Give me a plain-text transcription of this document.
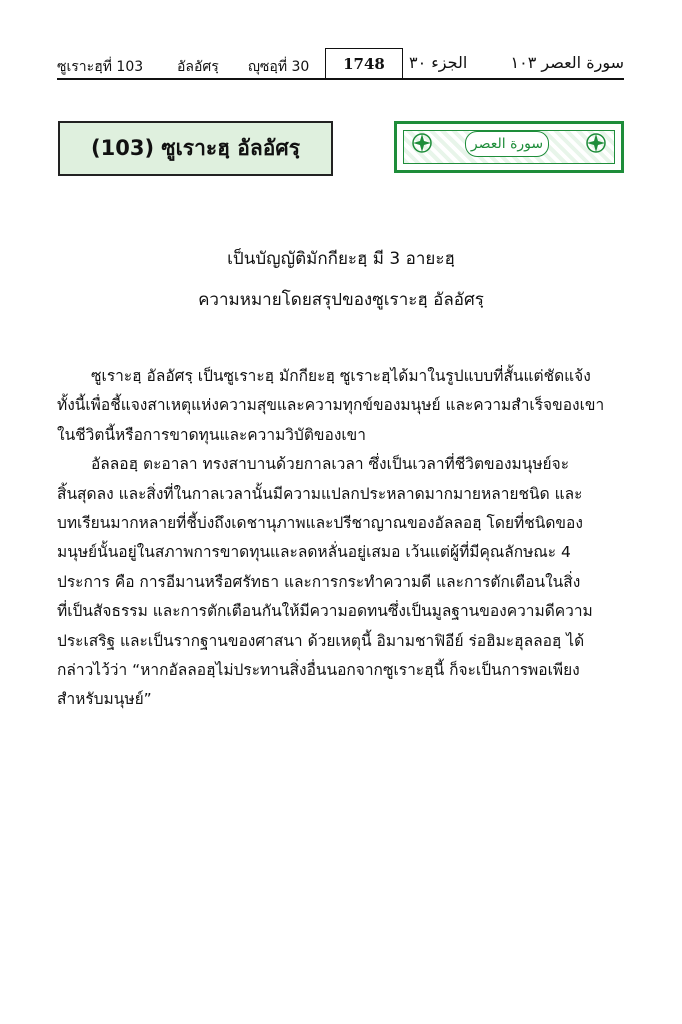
ซูเราะฮฺที่ 103 อัลอัศรฺ ญุซอฺที่ 30	1748	الجزء ٣٠	سورة العصر ١٠٣
(103) ซูเราะฮฺ อัลอัศรฺ	سورة العصر
เป็นบัญญัติมักกียะฮฺ มี 3 อายะฮฺ
ความหมายโดยสรุปของซูเราะฮฺ อัลอัศรฺ
ซูเราะฮฺ อัลอัศรฺ เป็นซูเราะฮฺ มักกียะฮฺ ซูเราะฮฺได้มาในรูปแบบที่สั้นแต่ชัดแจ้ง
ทั้งนี้เพื่อชี้แจงสาเหตุแห่งความสุขและความทุกข์ของมนุษย์ และความสำเร็จของเขา
ในชีวิตนี้หรือการขาดทุนและความวิบัติของเขา
อัลลอฮฺ ตะอาลา ทรงสาบานด้วยกาลเวลา ซึ่งเป็นเวลาที่ชีวิตของมนุษย์จะ
สิ้นสุดลง และสิ่งที่ในกาลเวลานั้นมีความแปลกประหลาดมากมายหลายชนิด และ
บทเรียนมากหลายที่ชี้บ่งถึงเดชานุภาพและปรีชาญาณของอัลลอฮฺ โดยที่ชนิดของ
มนุษย์นั้นอยู่ในสภาพการขาดทุนและลดหลั่นอยู่เสมอ เว้นแต่ผู้ที่มีคุณลักษณะ 4
ประการ คือ การอีมานหรือศรัทธา และการกระทำความดี และการตักเตือนในสิ่ง
ที่เป็นสัจธรรม และการตักเตือนกันให้มีความอดทนซึ่งเป็นมูลฐานของความดีความ
ประเสริฐ และเป็นรากฐานของศาสนา ด้วยเหตุนี้ อิมามชาฟิอีย์ ร่อฮิมะฮุลลอฮฺ ได้
กล่าวไว้ว่า “หากอัลลอฮฺไม่ประทานสิ่งอื่นนอกจากซูเราะฮฺนี้ ก็จะเป็นการพอเพียง
สำหรับมนุษย์”
